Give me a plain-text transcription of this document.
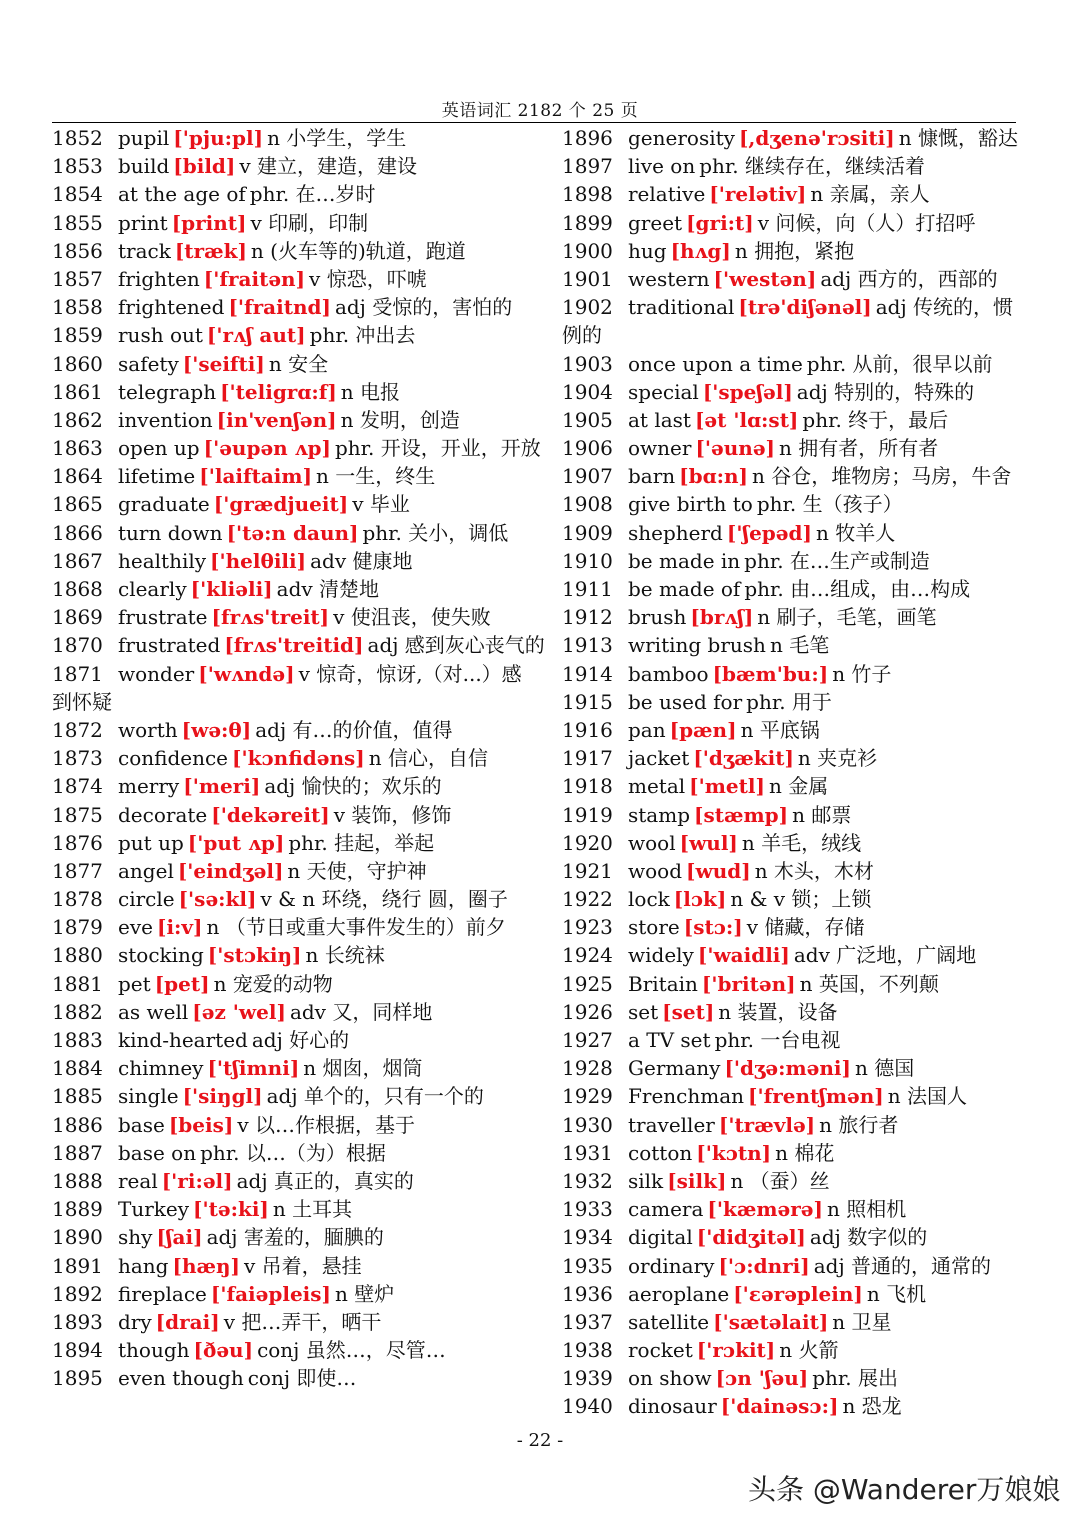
英语词汇 2182 个 25 页
1852 pupil ['pju:pl] n 小学生，学生
1853 build [bild] v 建立，建造，建设
1854 at the age of phr. 在…岁时
1855 print [print] v 印刷，印制
1856 track [træk] n (火车等的)轨道，跑道
1857 frighten ['fraitən] v 惊恐，吓唬
1858 frightened ['fraitnd] adj 受惊的，害怕的
1859 rush out ['rʌʃ aut] phr. 冲出去
1860 safety ['seifti] n 安全
1861 telegraph ['teligrɑ:f] n 电报
1862 invention [in'venʃən] n 发明，创造
1863 open up ['əupən ʌp] phr. 开设，开业，开放
1864 lifetime ['laiftaim] n 一生，终生
1865 graduate ['grædjueit] v 毕业
1866 turn down ['tə:n daun] phr. 关小，调低
1867 healthily ['helθili] adv 健康地
1868 clearly ['kliəli] adv 清楚地
1869 frustrate [frʌs'treit] v 使沮丧，使失败
1870 frustrated [frʌs'treitid] adj 感到灰心丧气的
1871 wonder ['wʌndə] v 惊奇，惊讶,（对...）感到怀疑
1872 worth [wə:θ] adj 有…的价值，值得
1873 confidence ['kɔnfidəns] n 信心，自信
1874 merry ['meri] adj 愉快的；欢乐的
1875 decorate ['dekəreit] v 装饰，修饰
1876 put up ['put ʌp] phr. 挂起，举起
1877 angel ['eindʒəl] n 天使，守护神
1878 circle ['sə:kl] v & n 环绕，绕行 圆，圈子
1879 eve [i:v] n （节日或重大事件发生的）前夕
1880 stocking ['stɔkiŋ] n 长统袜
1881 pet [pet] n 宠爱的动物
1882 as well [əz 'wel] adv 又，同样地
1883 kind-hearted adj 好心的
1884 chimney ['tʃimni] n 烟囱，烟筒
1885 single ['siŋgl] adj 单个的，只有一个的
1886 base [beis] v 以…作根据，基于
1887 base on phr. 以…（为）根据
1888 real ['ri:əl] adj 真正的，真实的
1889 Turkey ['tə:ki] n 土耳其
1890 shy [ʃai] adj 害羞的，腼腆的
1891 hang [hæŋ] v 吊着，悬挂
1892 fireplace ['faiəpleis] n 壁炉
1893 dry [drai] v 把…弄干，晒干
1894 though [ðəu] conj 虽然…，尽管…
1895 even though conj 即使…
1896 generosity [,dʒenə'rɔsiti] n 慷慨，豁达
1897 live on phr. 继续存在，继续活着
1898 relative ['relətiv] n 亲属，亲人
1899 greet [gri:t] v 问候，向（人）打招呼
1900 hug [hʌg] n 拥抱，紧抱
1901 western ['westən] adj 西方的，西部的
1902 traditional [trə'diʃənəl] adj 传统的，惯例的
1903 once upon a time phr. 从前，很早以前
1904 special ['speʃəl] adj 特别的，特殊的
1905 at last [ət 'lɑ:st] phr. 终于，最后
1906 owner ['əunə] n 拥有者，所有者
1907 barn [bɑ:n] n 谷仓，堆物房；马房，牛舍
1908 give birth to phr. 生（孩子）
1909 shepherd ['ʃepəd] n 牧羊人
1910 be made in phr. 在…生产或制造
1911 be made of phr. 由…组成，由…构成
1912 brush [brʌʃ] n 刷子，毛笔，画笔
1913 writing brush n 毛笔
1914 bamboo [bæm'bu:] n 竹子
1915 be used for phr. 用于
1916 pan [pæn] n 平底锅
1917 jacket ['dʒækit] n 夹克衫
1918 metal ['metl] n 金属
1919 stamp [stæmp] n 邮票
1920 wool [wul] n 羊毛，绒线
1921 wood [wud] n 木头，木材
1922 lock [lɔk] n & v 锁；上锁
1923 store [stɔ:] v 储藏，存储
1924 widely ['waidli] adv 广泛地，广阔地
1925 Britain ['britən] n 英国，不列颠
1926 set [set] n 装置，设备
1927 a TV set phr. 一台电视
1928 Germany ['dʒə:məni] n 德国
1929 Frenchman ['frentʃmən] n 法国人
1930 traveller ['trævlə] n 旅行者
1931 cotton ['kɔtn] n 棉花
1932 silk [silk] n （蚕）丝
1933 camera ['kæmərə] n 照相机
1934 digital ['didʒitəl] adj 数字似的
1935 ordinary ['ɔ:dnri] adj 普通的，通常的
1936 aeroplane ['ɛərəplein] n 飞机
1937 satellite ['sætəlait] n 卫星
1938 rocket ['rɔkit] n 火箭
1939 on show [ɔn 'ʃəu] phr. 展出
1940 dinosaur ['dainəsɔ:] n 恐龙
- 22 -
头条 @Wanderer万娘娘
